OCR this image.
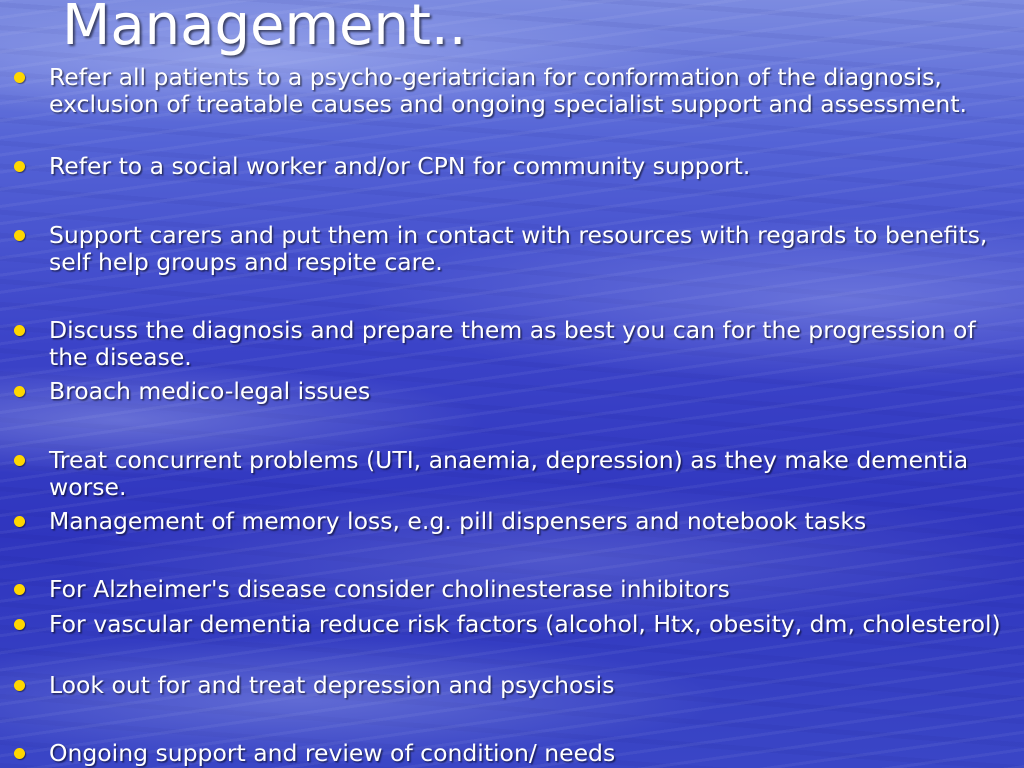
Management..
Refer all patients to a psycho-geriatrician for conformation of the diagnosis, exclusion of treatable causes and ongoing specialist support and assessment.
Refer to a social worker and/or CPN for community support.
Support carers and put them in contact with resources with regards to benefits, self help groups and respite care.
Discuss the diagnosis and prepare them as best you can for the progression of the disease.
Broach medico-legal issues
Treat concurrent problems (UTI, anaemia, depression) as they make dementia worse.
Management of memory loss, e.g. pill dispensers and notebook tasks
For Alzheimer's disease consider cholinesterase inhibitors
For vascular dementia reduce risk factors (alcohol, Htx, obesity, dm, cholesterol)
Look out for and treat depression and psychosis
Ongoing support and review of condition/ needs
